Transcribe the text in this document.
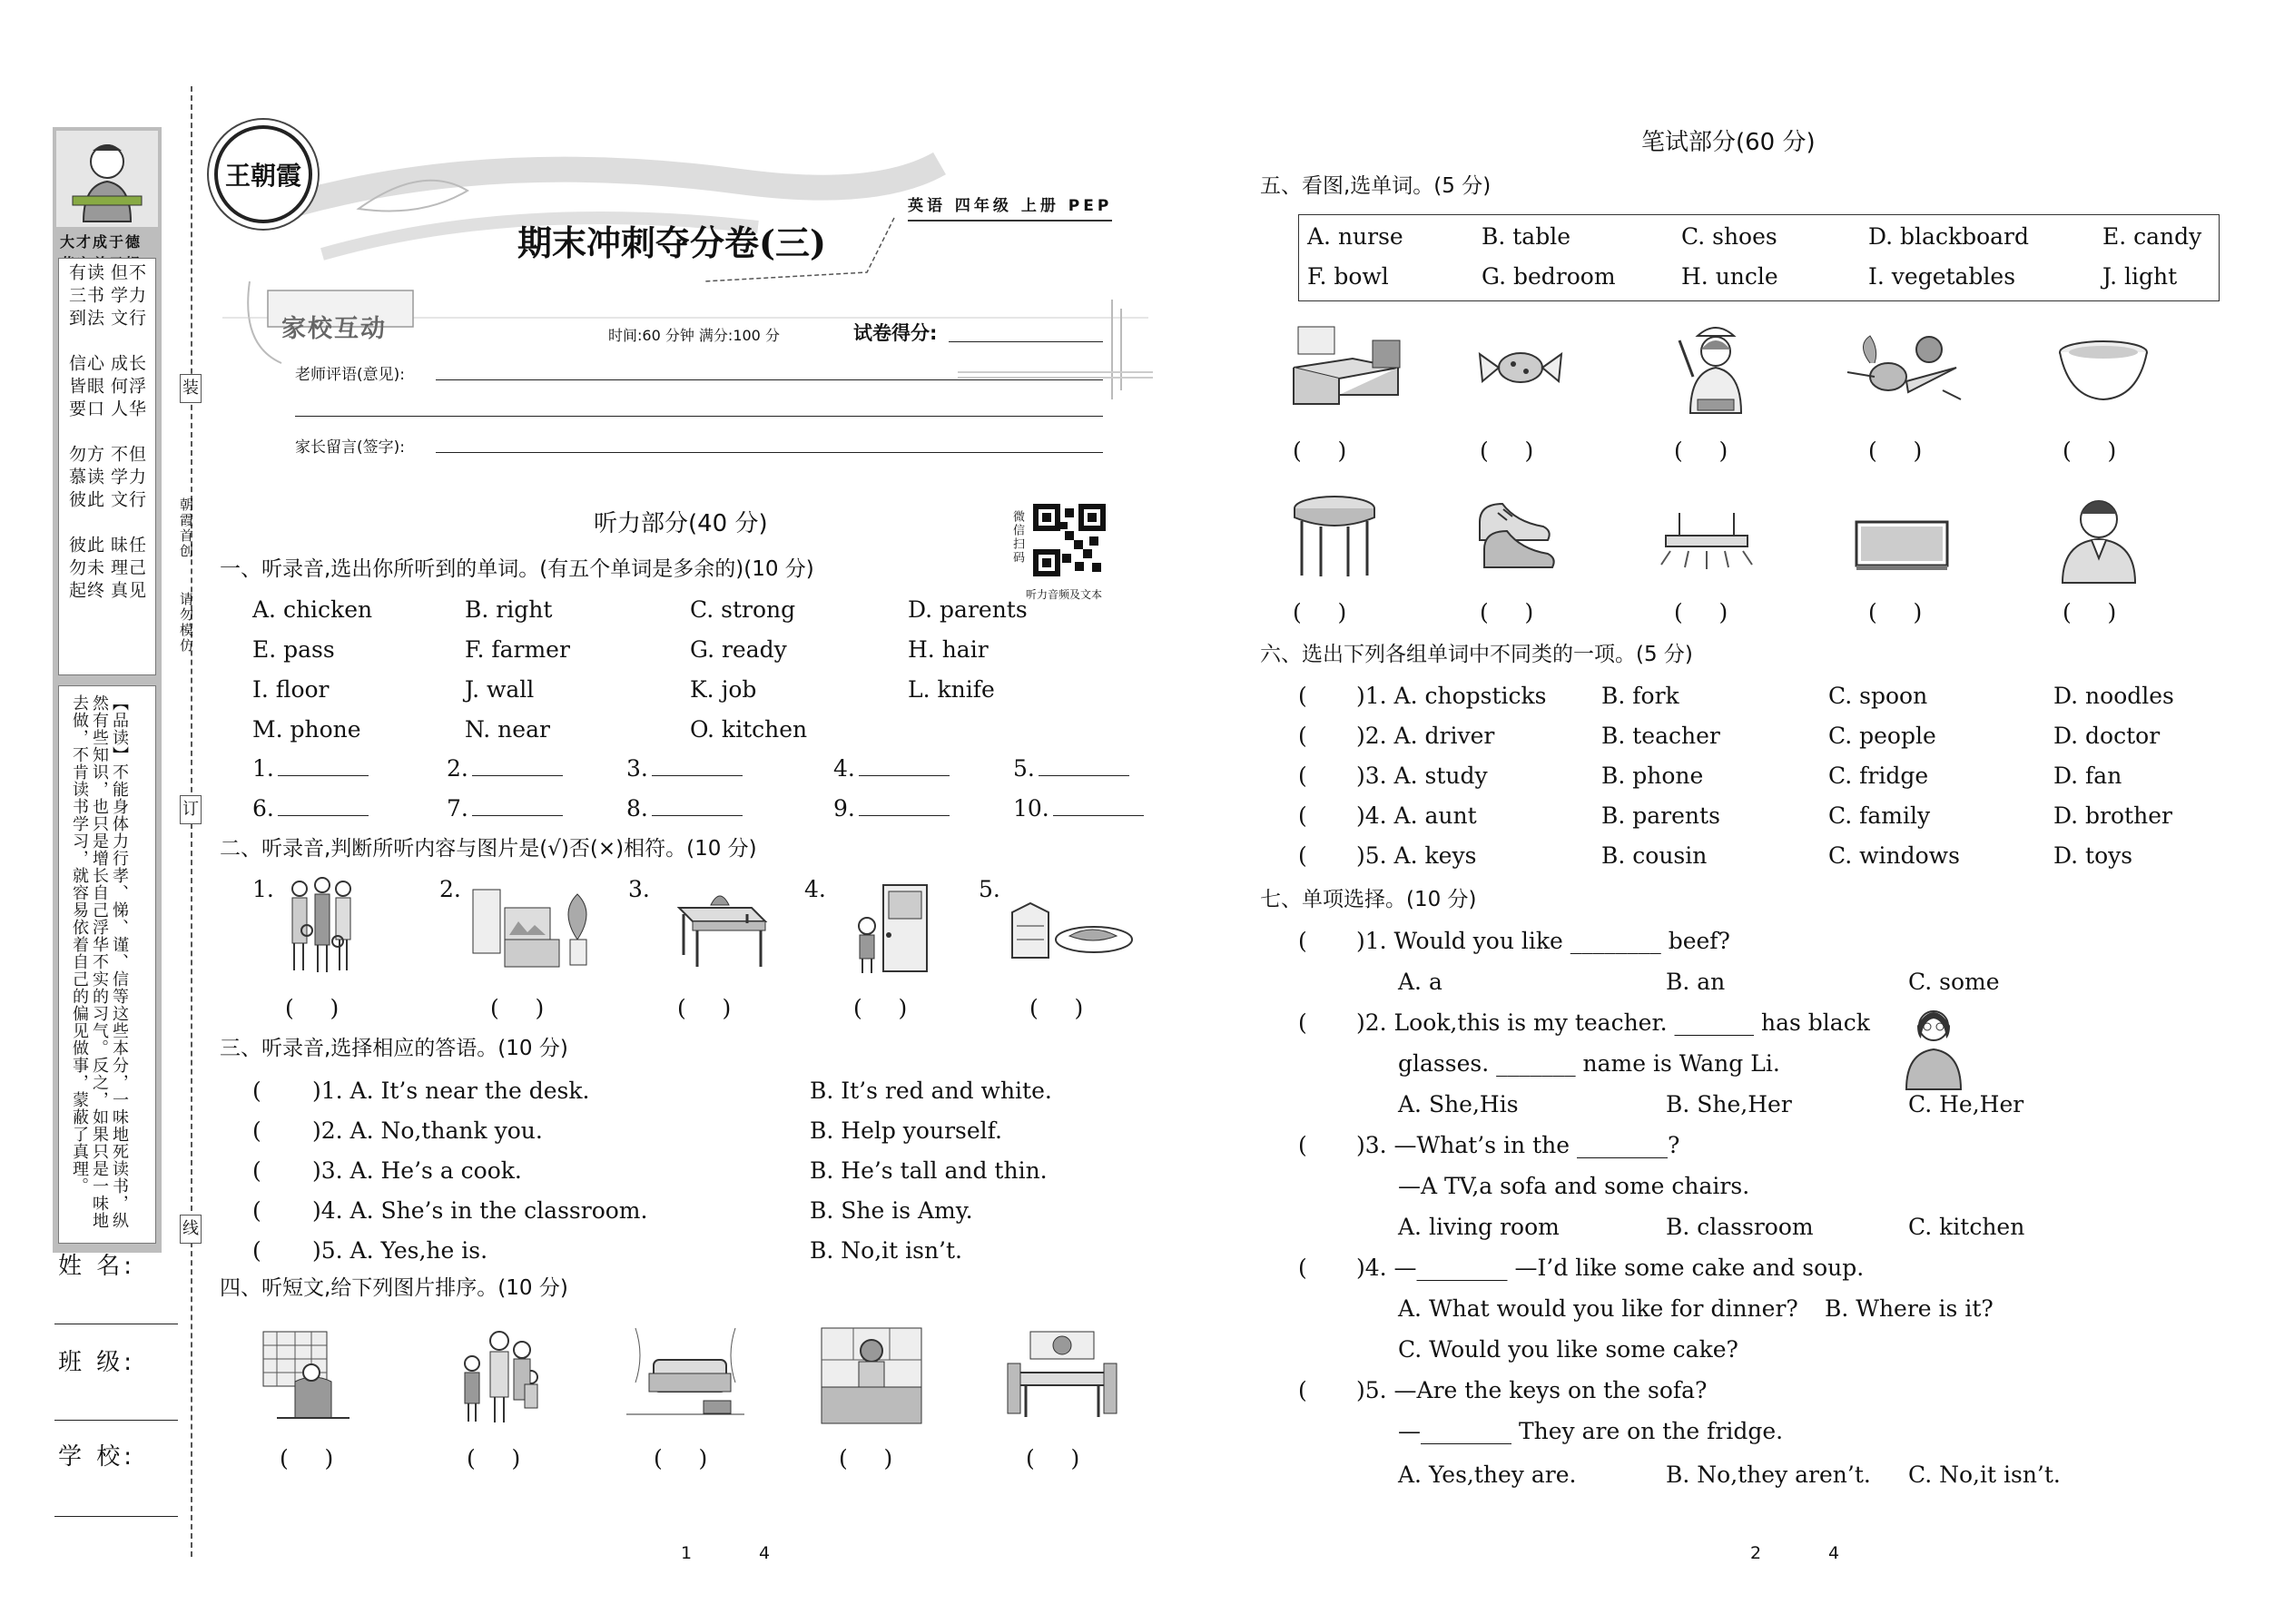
大才成于德
【品读】不能身体力行孝、悌、谨、信等这些本分，一味地死读书，纵然有些知识，也只是增长自己浮华不实的习气。反之，如果只是一味地去做，不肯读书学习，就容易依着自己的偏见做事，蒙蔽了真理。
姓 名:
班 级:
学 校:
装
订
线
朝霞首创
请勿模仿
王朝霞
英语 四年级 上册 PEP
期末冲刺夺分卷(三)
家校互动	时间:60 分钟 满分:100 分	试卷得分:
老师评语(意见):
家长留言(签字):
微信扫码
听力音频及文本
听力部分(40 分)
一、听录音,选出你所听到的单词。(有五个单词是多余的)(10 分)
二、听录音,判断所听内容与图片是(√)否(×)相符。(10 分)
三、听录音,选择相应的答语。(10 分)
四、听短文,给下列图片排序。(10 分)
笔试部分(60 分)
五、看图,选单词。(5 分)
六、选出下列各组单词中不同类的一项。(5 分)
七、单项选择。(10 分)
( )1. Would you like ________ beef?
A. a	B. an	C. some
( )2. Look,this is my teacher. _______ has black
glasses. _______ name is Wang Li.
A. She,His	B. She,Her	C. He,Her
( )3. —What’s in the ________?
—A TV,a sofa and some chairs.
A. living room	B. classroom	C. kitchen
( )4. —________ —I’d like some cake and soup.
A. What would you like for dinner? B. Where is it?
C. Would you like some cake?
( )5. —Are the keys on the sofa?
—________ They are on the fridge.
A. Yes,they are.	B. No,they aren’t. C. No,it isn’t.
1	4	2	4
不力行
但学文
长浮华
成何人
但力行
不学文
任己见
昧理真
读书法
有三到
心眼口
信皆要
方读此
勿慕彼
此未终
彼勿起
A. chicken	B. right	C. strong	D. parents
E. pass	F. farmer	G. ready	H. hair
I. floor	J. wall	K. job	L. knife
M. phone	N. near	O. kitchen
1.	2.	3.	4.	5.
6.	7.	8.	9.	10.
1.
(     )
2.
(     )
3.
(     )
4.
(     )
5.
(     )
( )1. A. It’s near the desk.	B. It’s red and white.
( )2. A. No,thank you.	B. Help yourself.
( )3. A. He’s a cook.	B. He’s tall and thin.
( )4. A. She’s in the classroom.	B. She is Amy.
( )5. A. Yes,he is.	B. No,it isn’t.
(     )	(     )	(     )	(     )	(     )
A. nurse	B. table	C. shoes	D. blackboard	E. candy
F. bowl	G. bedroom	H. uncle	I. vegetables	J. light
(     )	(     )	(     )	(     )	(     )
(     )	(     )	(     )	(     )	(     )
( )1. A. chopsticks B. fork	C. spoon	D. noodles
( )2. A. driver	B. teacher	C. people	D. doctor
( )3. A. study	B. phone	C. fridge	D. fan
( )4. A. aunt	B. parents	C. family	D. brother
( )5. A. keys	B. cousin	C. windows	D. toys
